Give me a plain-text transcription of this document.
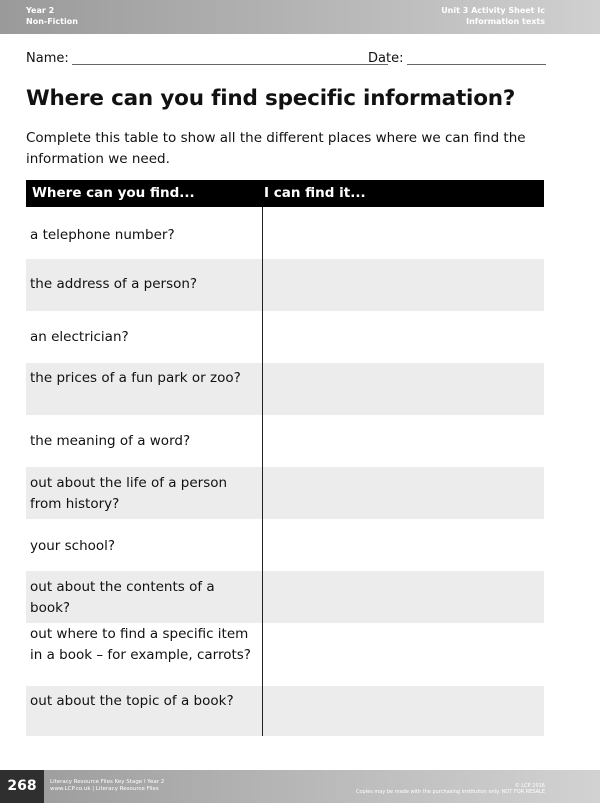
Year 2
Non-Fiction
Unit 3 Activity Sheet Ic
Information texts
Name:	Date:
Where can you find specific information?

Complete this table to show all the different places where we can find the information we need.

Where can you find...	I can find it...
a telephone number?
the address of a person?
an electrician?
the prices of a fun park or zoo?
the meaning of a word?
out about the life of a person from history?
your school?
out about the contents of a book?
out where to find a specific item in a book – for example, carrots?
out about the topic of a book?
268	Literacy Resource Files Key Stage I Year 2
www.LCP.co.uk | Literacy Resource Files	© LCP 2016
Copies may be made with the purchasing institution only. NOT FOR RESALE
